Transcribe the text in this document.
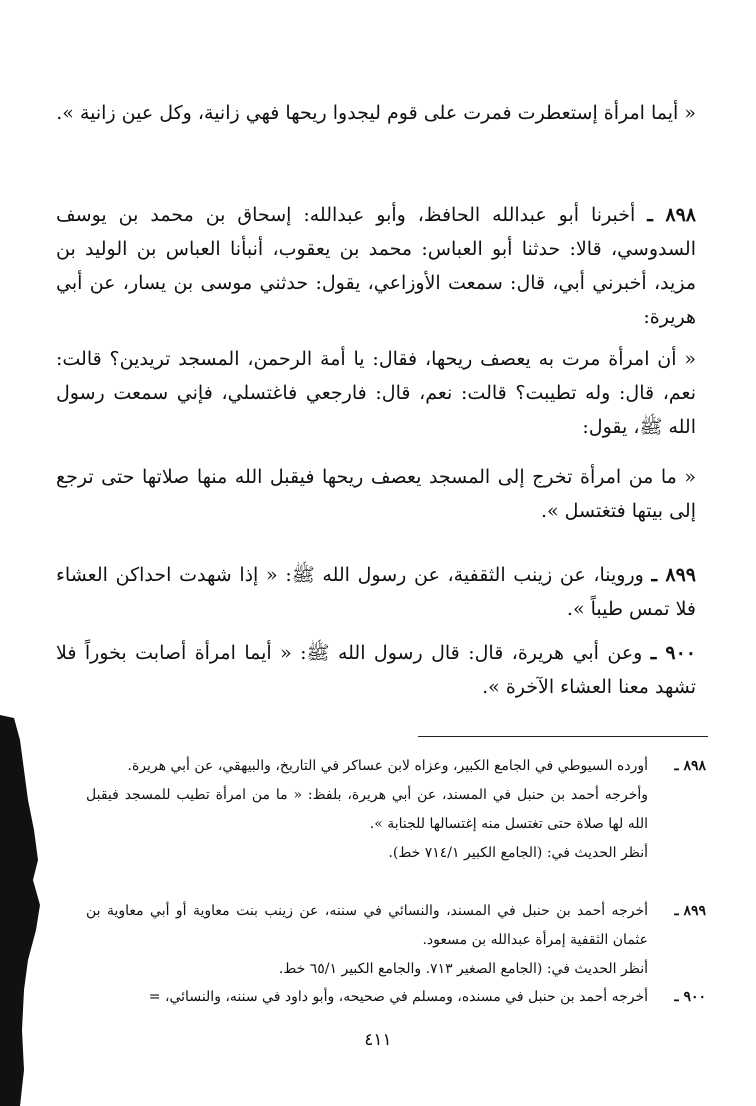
« أيما امرأة إستعطرت فمرت على قوم ليجدوا ريحها فهي زانية، وكل عين زانية ».
٨٩٨ ـ أخبرنا أبو عبدالله الحافظ، وأبو عبدالله: إسحاق بن محمد بن يوسف السدوسي، قالا: حدثنا أبو العباس: محمد بن يعقوب، أنبأنا العباس بن الوليد بن مزيد، أخبرني أبي، قال: سمعت الأوزاعي، يقول: حدثني موسى بن يسار، عن أبي هريرة:
« أن امرأة مرت به يعصف ريحها، فقال: يا أمة الرحمن، المسجد تريدين؟ قالت: نعم، قال: وله تطيبت؟ قالت: نعم، قال: فارجعي فاغتسلي، فإني سمعت رسول الله ﷺ، يقول:
« ما من امرأة تخرج إلى المسجد يعصف ريحها فيقبل الله منها صلاتها حتى ترجع إلى بيتها فتغتسل ».
٨٩٩ ـ وروينا، عن زينب الثقفية، عن رسول الله ﷺ: « إذا شهدت احداكن العشاء فلا تمس طيباً ».
٩٠٠ ـ وعن أبي هريرة، قال: قال رسول الله ﷺ: « أيما امرأة أصابت بخوراً فلا تشهد معنا العشاء الآخرة ».
٨٩٨ ـ
أورده السيوطي في الجامع الكبير، وعزاه لابن عساكر في التاريخ، والبيهقي، عن أبي هريرة.
وأخرجه أحمد بن حنبل في المسند، عن أبي هريرة، بلفظ: « ما من امرأة تطيب للمسجد فيقبل الله لها صلاة حتى تغتسل منه إغتسالها للجنابة ».
أنظر الحديث في: (الجامع الكبير ٧١٤/١ خط).
٨٩٩ ـ
أخرجه أحمد بن حنبل في المسند، والنسائي في سننه، عن زينب بنت معاوية أو أبي معاوية بن عثمان الثقفية إمرأة عبدالله بن مسعود.
أنظر الحديث في: (الجامع الصغير ٧١٣. والجامع الكبير ٦٥/١ خط.
٩٠٠ ـ
أخرجه أحمد بن حنبل في مسنده، ومسلم في صحيحه، وأبو داود في سننه، والنسائي، =
٤١١
